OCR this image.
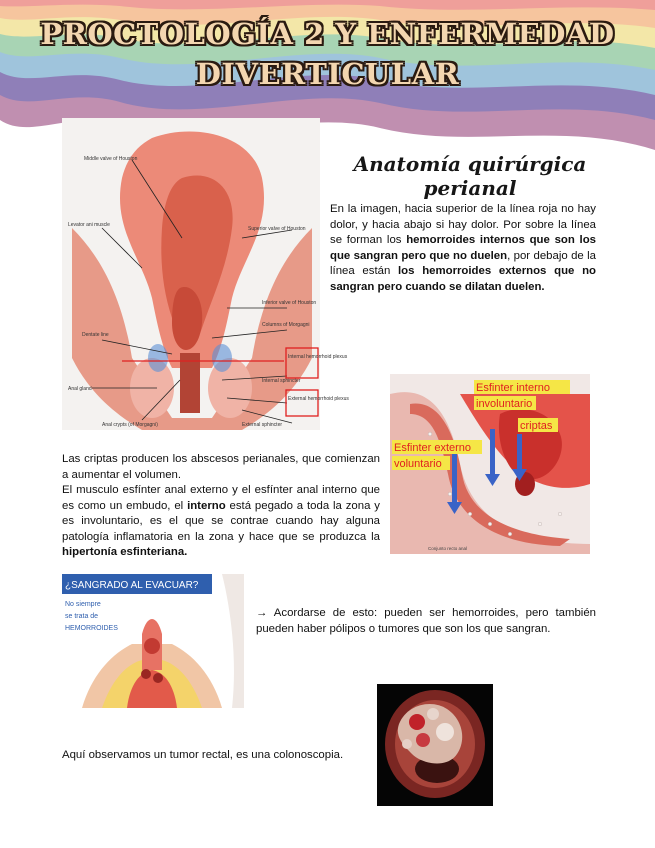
PROCTOLOGÍA 2 Y ENFERMEDAD
DIVERTICULAR
Middle valve of Houston
Levator ani muscle
Superior valve of Houston
Inferior valve of Houston
Columns of Morgagni
Dentate line
Internal hemorrhoid plexus
Internal sphincter
Anal gland
External hemorrhoid plexus
Anal crypts (of Morgagni)	External sphincter
Anatomía quirúrgica perianal

En la imagen, hacia superior de la línea roja no hay dolor, y hacia abajo si hay dolor. Por sobre la línea se forman los hemorroides internos que son los que sangran pero que no duelen, por debajo de la línea están los hemorroides externos que no sangran pero cuando se dilatan duelen.

Esfinter interno
involuntario
criptas
Esfinter externo
voluntario
Conjunto recto anal

Las criptas producen los abscesos perianales, que comienzan a aumentar el volumen.
El musculo esfínter anal externo y el esfínter anal interno que es como un embudo, el interno está pegado a toda la zona y es involuntario, es el que se contrae cuando hay alguna patología inflamatoria en la zona y hace que se produzca la hipertonía esfinteriana.

¿SANGRADO AL EVACUAR?
No siempre
se trata de
HEMORROIDES

→ Acordarse de esto: pueden ser hemorroides, pero también pueden haber pólipos o tumores que son los que sangran.

Aquí observamos un tumor rectal, es una colonoscopia.
